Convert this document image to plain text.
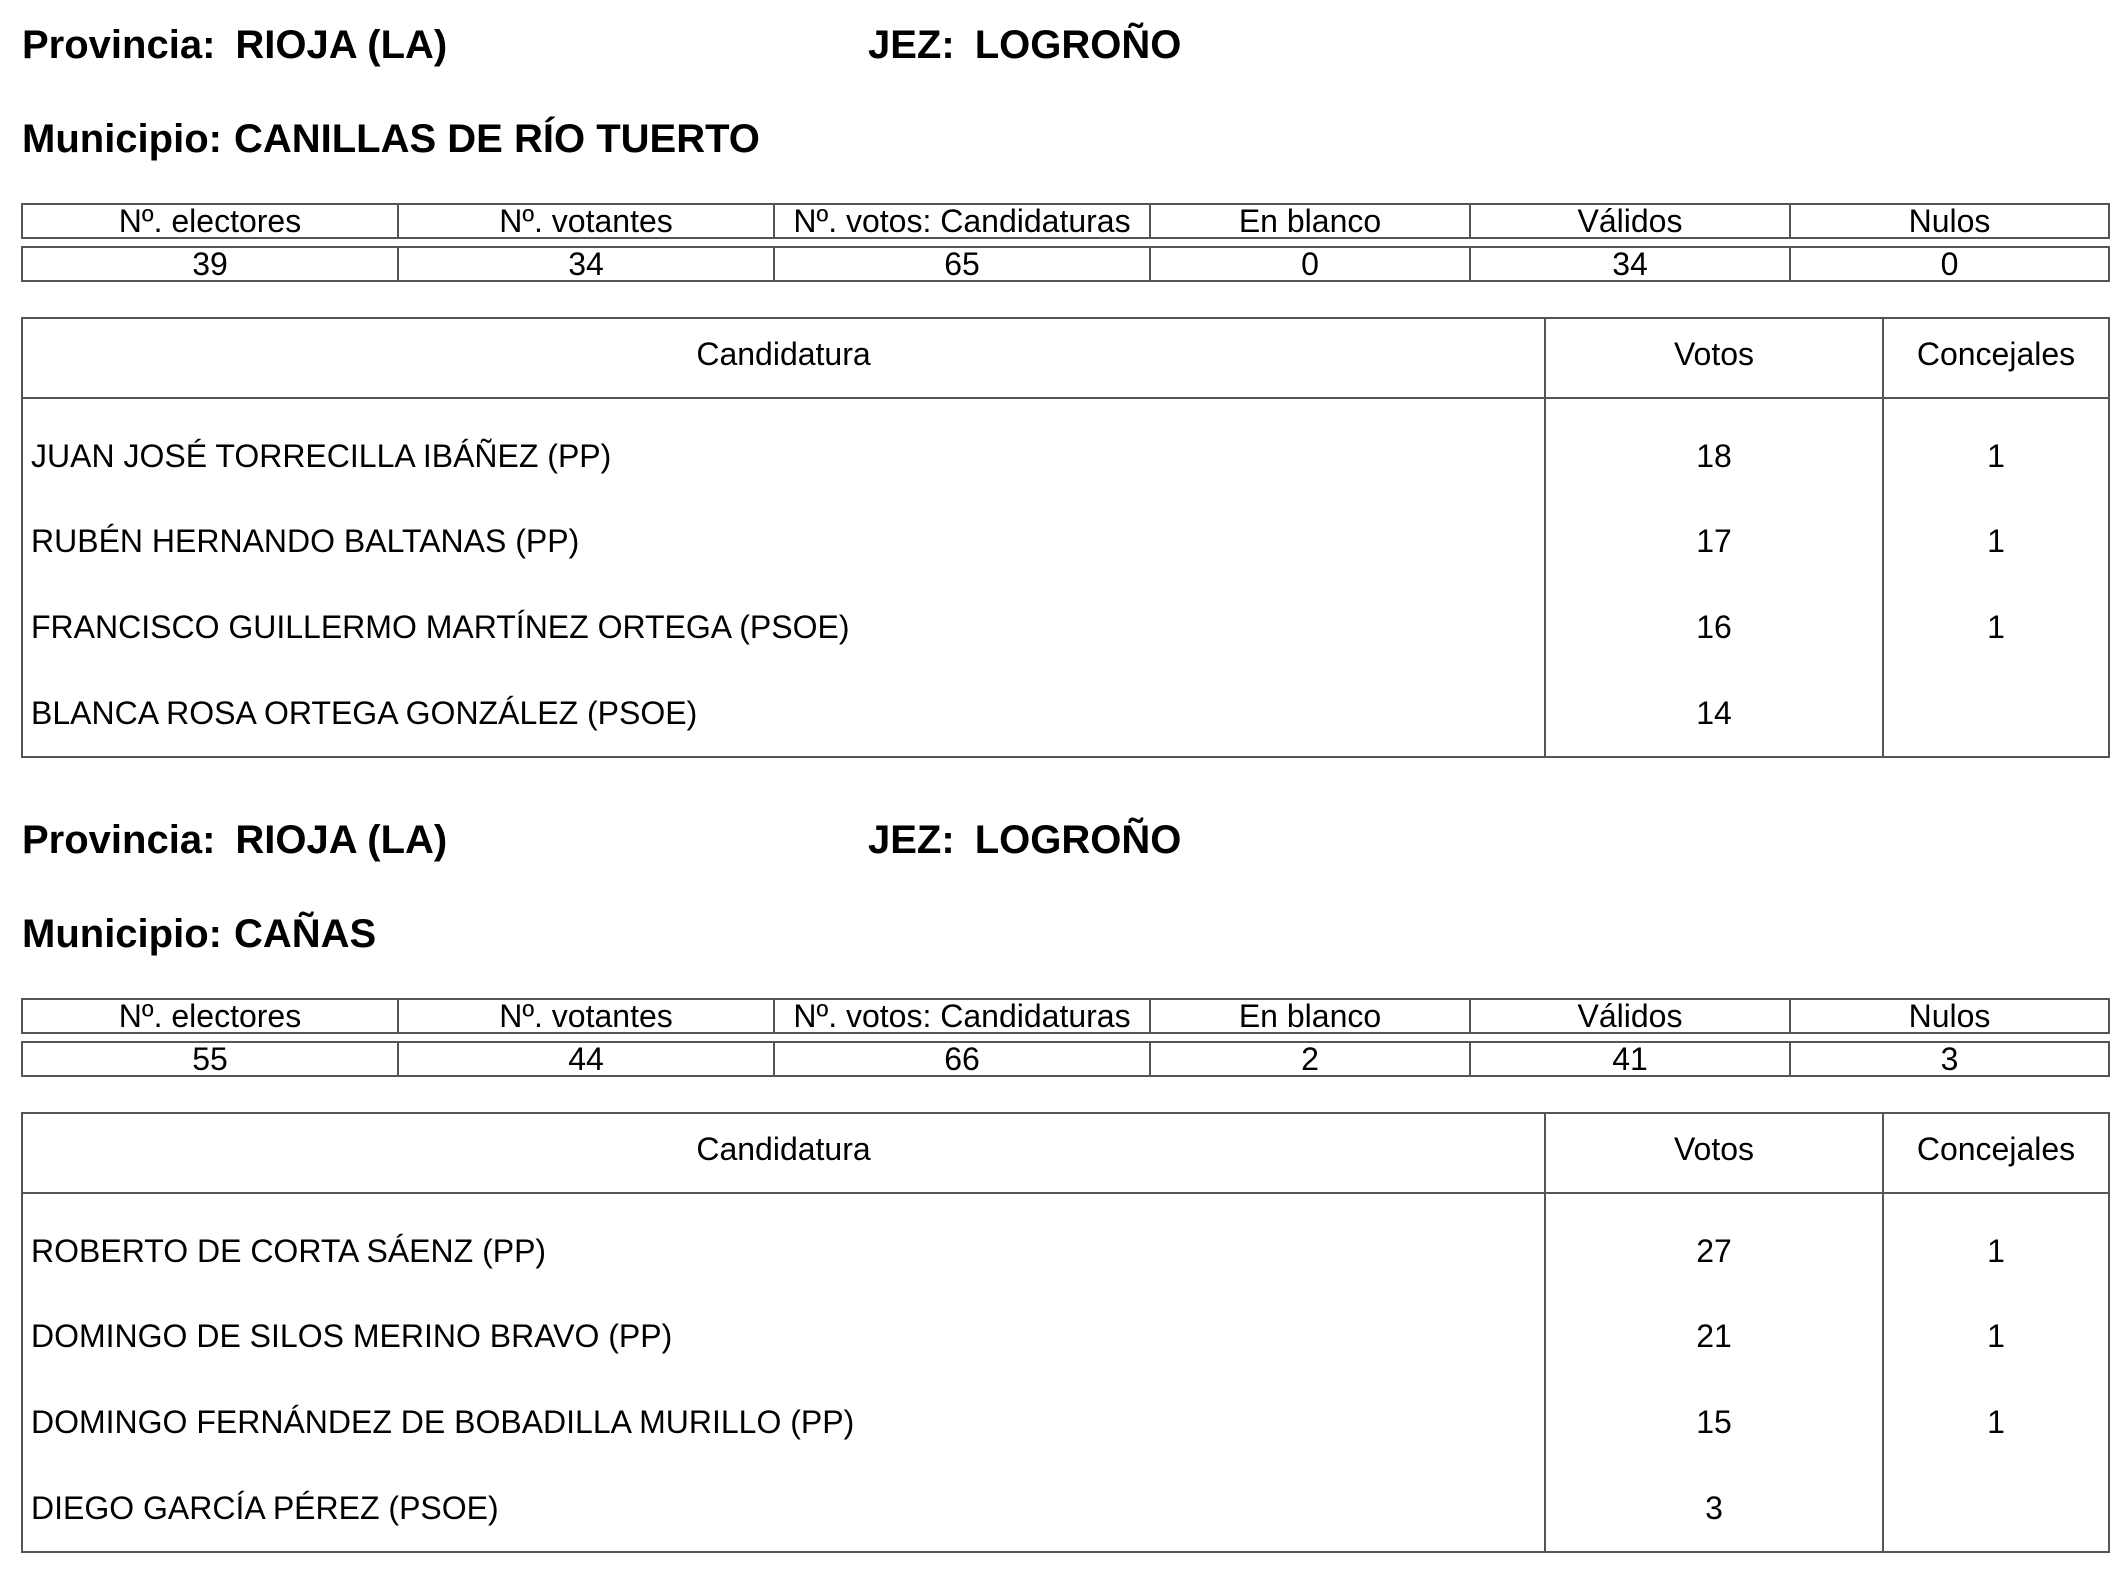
Provincia: RIOJA (LA)	JEZ: LOGROÑO
Municipio: CANILLAS DE RÍO TUERTO
Nº. electores	Nº. votantes	Nº. votos: Candidaturas	En blanco	Válidos	Nulos
39	34	65	0	34	0
Candidatura	Votos	Concejales
JUAN JOSÉ TORRECILLA IBÁÑEZ (PP)	18	1
RUBÉN HERNANDO BALTANAS (PP)	17	1
FRANCISCO GUILLERMO MARTÍNEZ ORTEGA (PSOE)	16	1
BLANCA ROSA ORTEGA GONZÁLEZ (PSOE)	14	
Provincia: RIOJA (LA)	JEZ: LOGROÑO
Municipio: CAÑAS
Nº. electores	Nº. votantes	Nº. votos: Candidaturas	En blanco	Válidos	Nulos
55	44	66	2	41	3
Candidatura	Votos	Concejales
ROBERTO DE CORTA SÁENZ (PP)	27	1
DOMINGO DE SILOS MERINO BRAVO (PP)	21	1
DOMINGO FERNÁNDEZ DE BOBADILLA MURILLO (PP)	15	1
DIEGO GARCÍA PÉREZ (PSOE)	3	
